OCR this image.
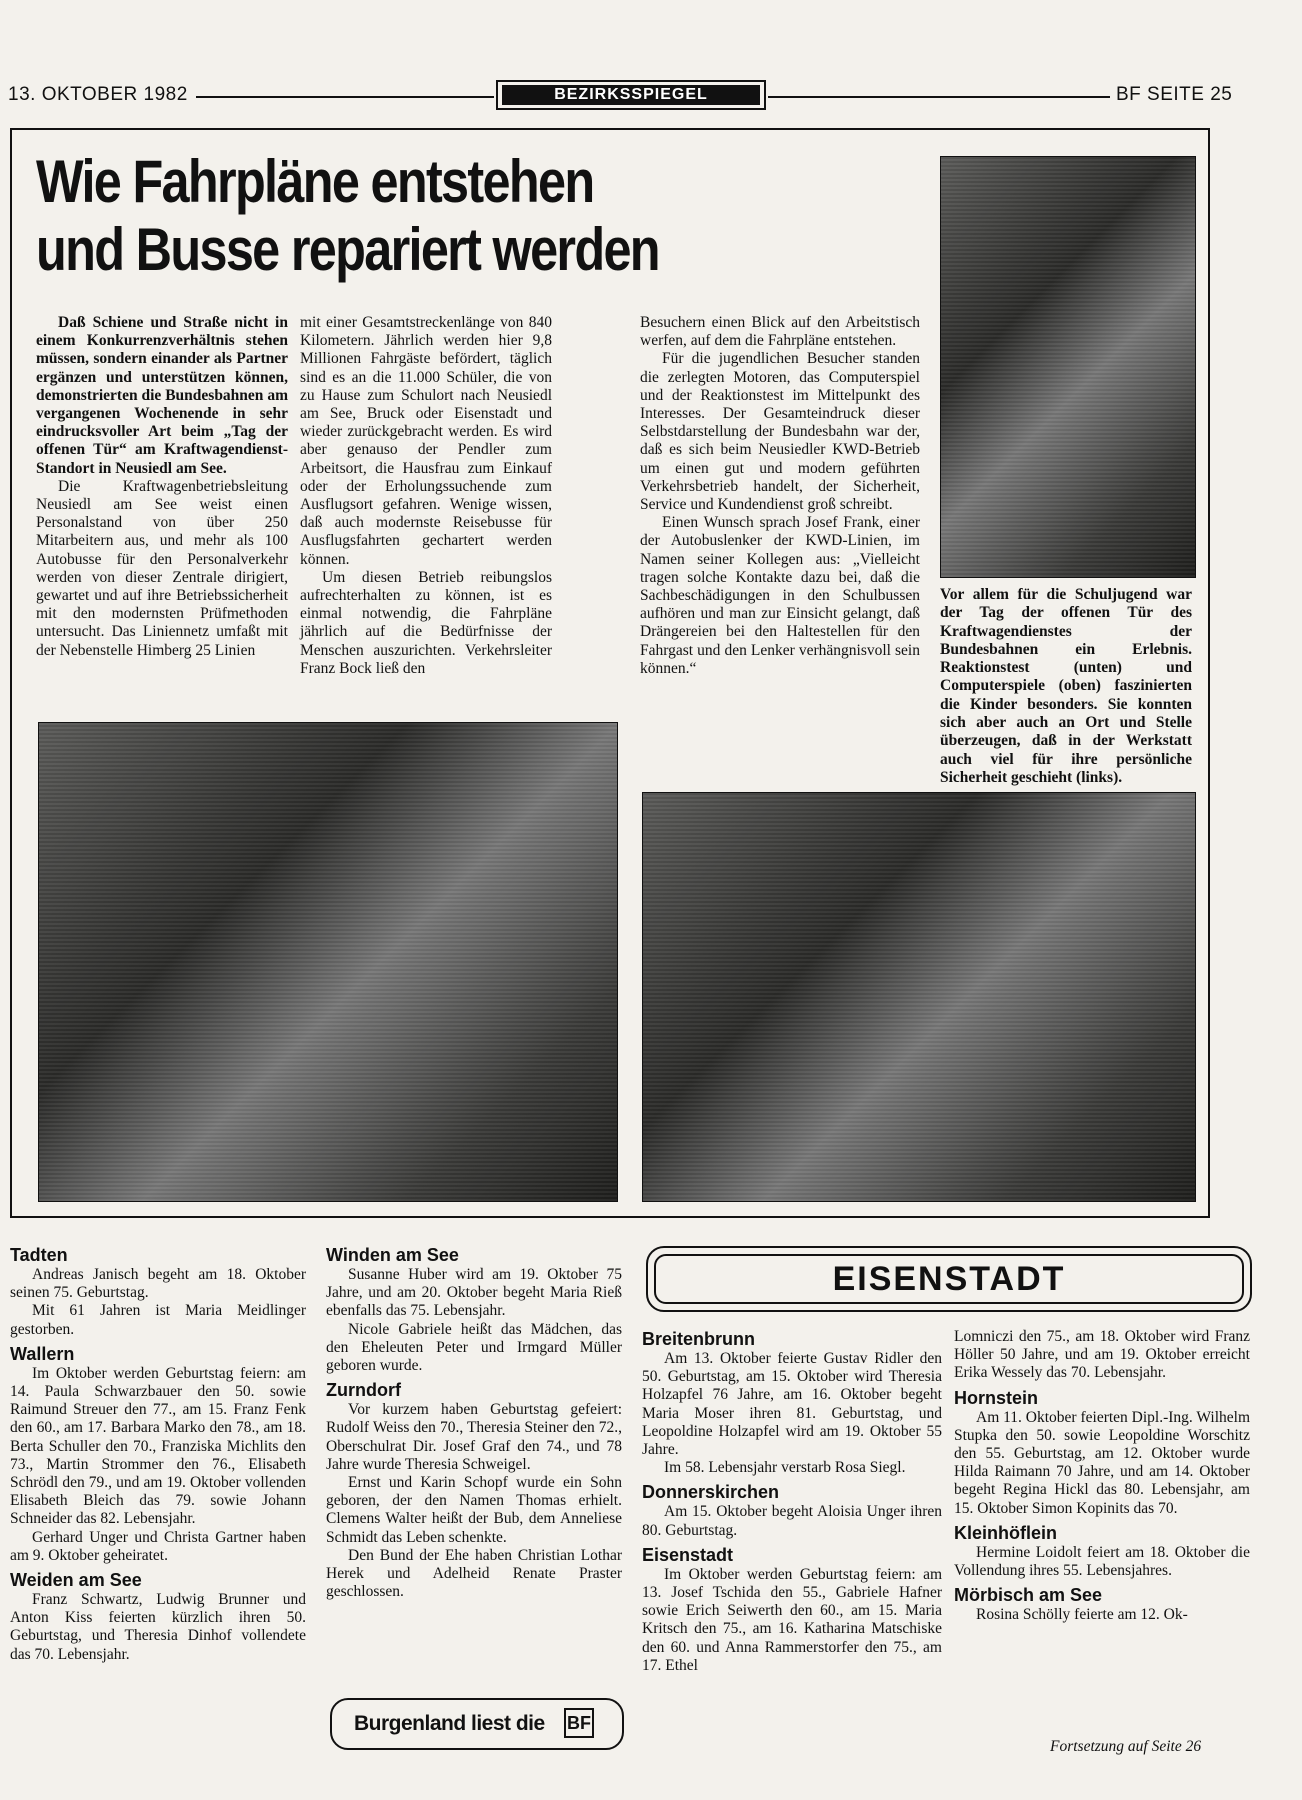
13. OKTOBER 1982	BEZIRKSSPIEGEL	BF SEITE 25
Wie Fahrpläne entstehen
und Busse repariert werden

Daß Schiene und Straße nicht in einem Konkurrenzverhältnis stehen müssen, sondern einander als Partner ergänzen und unterstützen können, demonstrierten die Bundesbahnen am vergangenen Wochenende in sehr eindrucksvoller Art beim „Tag der offenen Tür“ am Kraftwagendienst-Standort in Neusiedl am See.

Die Kraftwagenbetriebsleitung Neusiedl am See weist einen Personalstand von über 250 Mitarbeitern aus, und mehr als 100 Autobusse für den Personalverkehr werden von dieser Zentrale dirigiert, gewartet und auf ihre Betriebssicherheit mit den modernsten Prüfmethoden untersucht. Das Liniennetz umfaßt mit der Nebenstelle Himberg 25 Linien

mit einer Gesamtstreckenlänge von 840 Kilometern. Jährlich werden hier 9,8 Millionen Fahrgäste befördert, täglich sind es an die 11.000 Schüler, die von zu Hause zum Schulort nach Neusiedl am See, Bruck oder Eisenstadt und wieder zurückgebracht werden. Es wird aber genauso der Pendler zum Arbeitsort, die Hausfrau zum Einkauf oder der Erholungssuchende zum Ausflugsort gefahren. Wenige wissen, daß auch modernste Reisebusse für Ausflugsfahrten gechartert werden können.

Um diesen Betrieb reibungslos aufrechterhalten zu können, ist es einmal notwendig, die Fahrpläne jährlich auf die Bedürfnisse der Menschen auszurichten. Verkehrsleiter Franz Bock ließ den

Besuchern einen Blick auf den Arbeitstisch werfen, auf dem die Fahrpläne entstehen.

Für die jugendlichen Besucher standen die zerlegten Motoren, das Computerspiel und der Reaktionstest im Mittelpunkt des Interesses. Der Gesamteindruck dieser Selbstdarstellung der Bundesbahn war der, daß es sich beim Neusiedler KWD-Betrieb um einen gut und modern geführten Verkehrsbetrieb handelt, der Sicherheit, Service und Kundendienst groß schreibt.

Einen Wunsch sprach Josef Frank, einer der Autobuslenker der KWD-Linien, im Namen seiner Kollegen aus: „Vielleicht tragen solche Kontakte dazu bei, daß die Sachbeschädigungen in den Schulbussen aufhören und man zur Einsicht gelangt, daß Drängereien bei den Haltestellen für den Fahrgast und den Lenker verhängnisvoll sein können.“

Vor allem für die Schuljugend war der Tag der offenen Tür des Kraftwagendienstes der Bundesbahnen ein Erlebnis. Reaktionstest (unten) und Computerspiele (oben) faszinierten die Kinder besonders. Sie konnten sich aber auch an Ort und Stelle überzeugen, daß in der Werkstatt auch viel für ihre persönliche Sicherheit geschieht (links).
Tadten

Andreas Janisch begeht am 18. Oktober seinen 75. Geburtstag.

Mit 61 Jahren ist Maria Meidlinger gestorben.

Wallern

Im Oktober werden Geburtstag feiern: am 14. Paula Schwarzbauer den 50. sowie Raimund Streuer den 77., am 15. Franz Fenk den 60., am 17. Barbara Marko den 78., am 18. Berta Schuller den 70., Franziska Michlits den 73., Martin Strommer den 76., Elisabeth Schrödl den 79., und am 19. Oktober vollenden Elisabeth Bleich das 79. sowie Johann Schneider das 82. Lebensjahr.

Gerhard Unger und Christa Gartner haben am 9. Oktober geheiratet.

Weiden am See

Franz Schwartz, Ludwig Brunner und Anton Kiss feierten kürzlich ihren 50. Geburtstag, und Theresia Dinhof vollendete das 70. Lebensjahr.

Winden am See

Susanne Huber wird am 19. Oktober 75 Jahre, und am 20. Oktober begeht Maria Rieß ebenfalls das 75. Lebensjahr.

Nicole Gabriele heißt das Mädchen, das den Eheleuten Peter und Irmgard Müller geboren wurde.

Zurndorf

Vor kurzem haben Geburtstag gefeiert: Rudolf Weiss den 70., Theresia Steiner den 72., Oberschulrat Dir. Josef Graf den 74., und 78 Jahre wurde Theresia Schweigel.

Ernst und Karin Schopf wurde ein Sohn geboren, der den Namen Thomas erhielt. Clemens Walter heißt der Bub, dem Anneliese Schmidt das Leben schenkte.

Den Bund der Ehe haben Christian Lothar Herek und Adelheid Renate Praster geschlossen.

Burgenland liest die BF
EISENSTADT
Breitenbrunn

Am 13. Oktober feierte Gustav Ridler den 50. Geburtstag, am 15. Oktober wird Theresia Holzapfel 76 Jahre, am 16. Oktober begeht Maria Moser ihren 81. Geburtstag, und Leopoldine Holzapfel wird am 19. Oktober 55 Jahre.

Im 58. Lebensjahr verstarb Rosa Siegl.

Donnerskirchen

Am 15. Oktober begeht Aloisia Unger ihren 80. Geburtstag.

Eisenstadt

Im Oktober werden Geburtstag feiern: am 13. Josef Tschida den 55., Gabriele Hafner sowie Erich Seiwerth den 60., am 15. Maria Kritsch den 75., am 16. Katharina Matschiske den 60. und Anna Rammerstorfer den 75., am 17. Ethel

Lomniczi den 75., am 18. Oktober wird Franz Höller 50 Jahre, und am 19. Oktober erreicht Erika Wessely das 70. Lebensjahr.

Hornstein

Am 11. Oktober feierten Dipl.-Ing. Wilhelm Stupka den 50. sowie Leopoldine Worschitz den 55. Geburtstag, am 12. Oktober wurde Hilda Raimann 70 Jahre, und am 14. Oktober begeht Regina Hickl das 80. Lebensjahr, am 15. Oktober Simon Kopinits das 70.

Kleinhöflein

Hermine Loidolt feiert am 18. Oktober die Vollendung ihres 55. Lebensjahres.

Mörbisch am See

Rosina Schölly feierte am 12. Ok-

Fortsetzung auf Seite 26
